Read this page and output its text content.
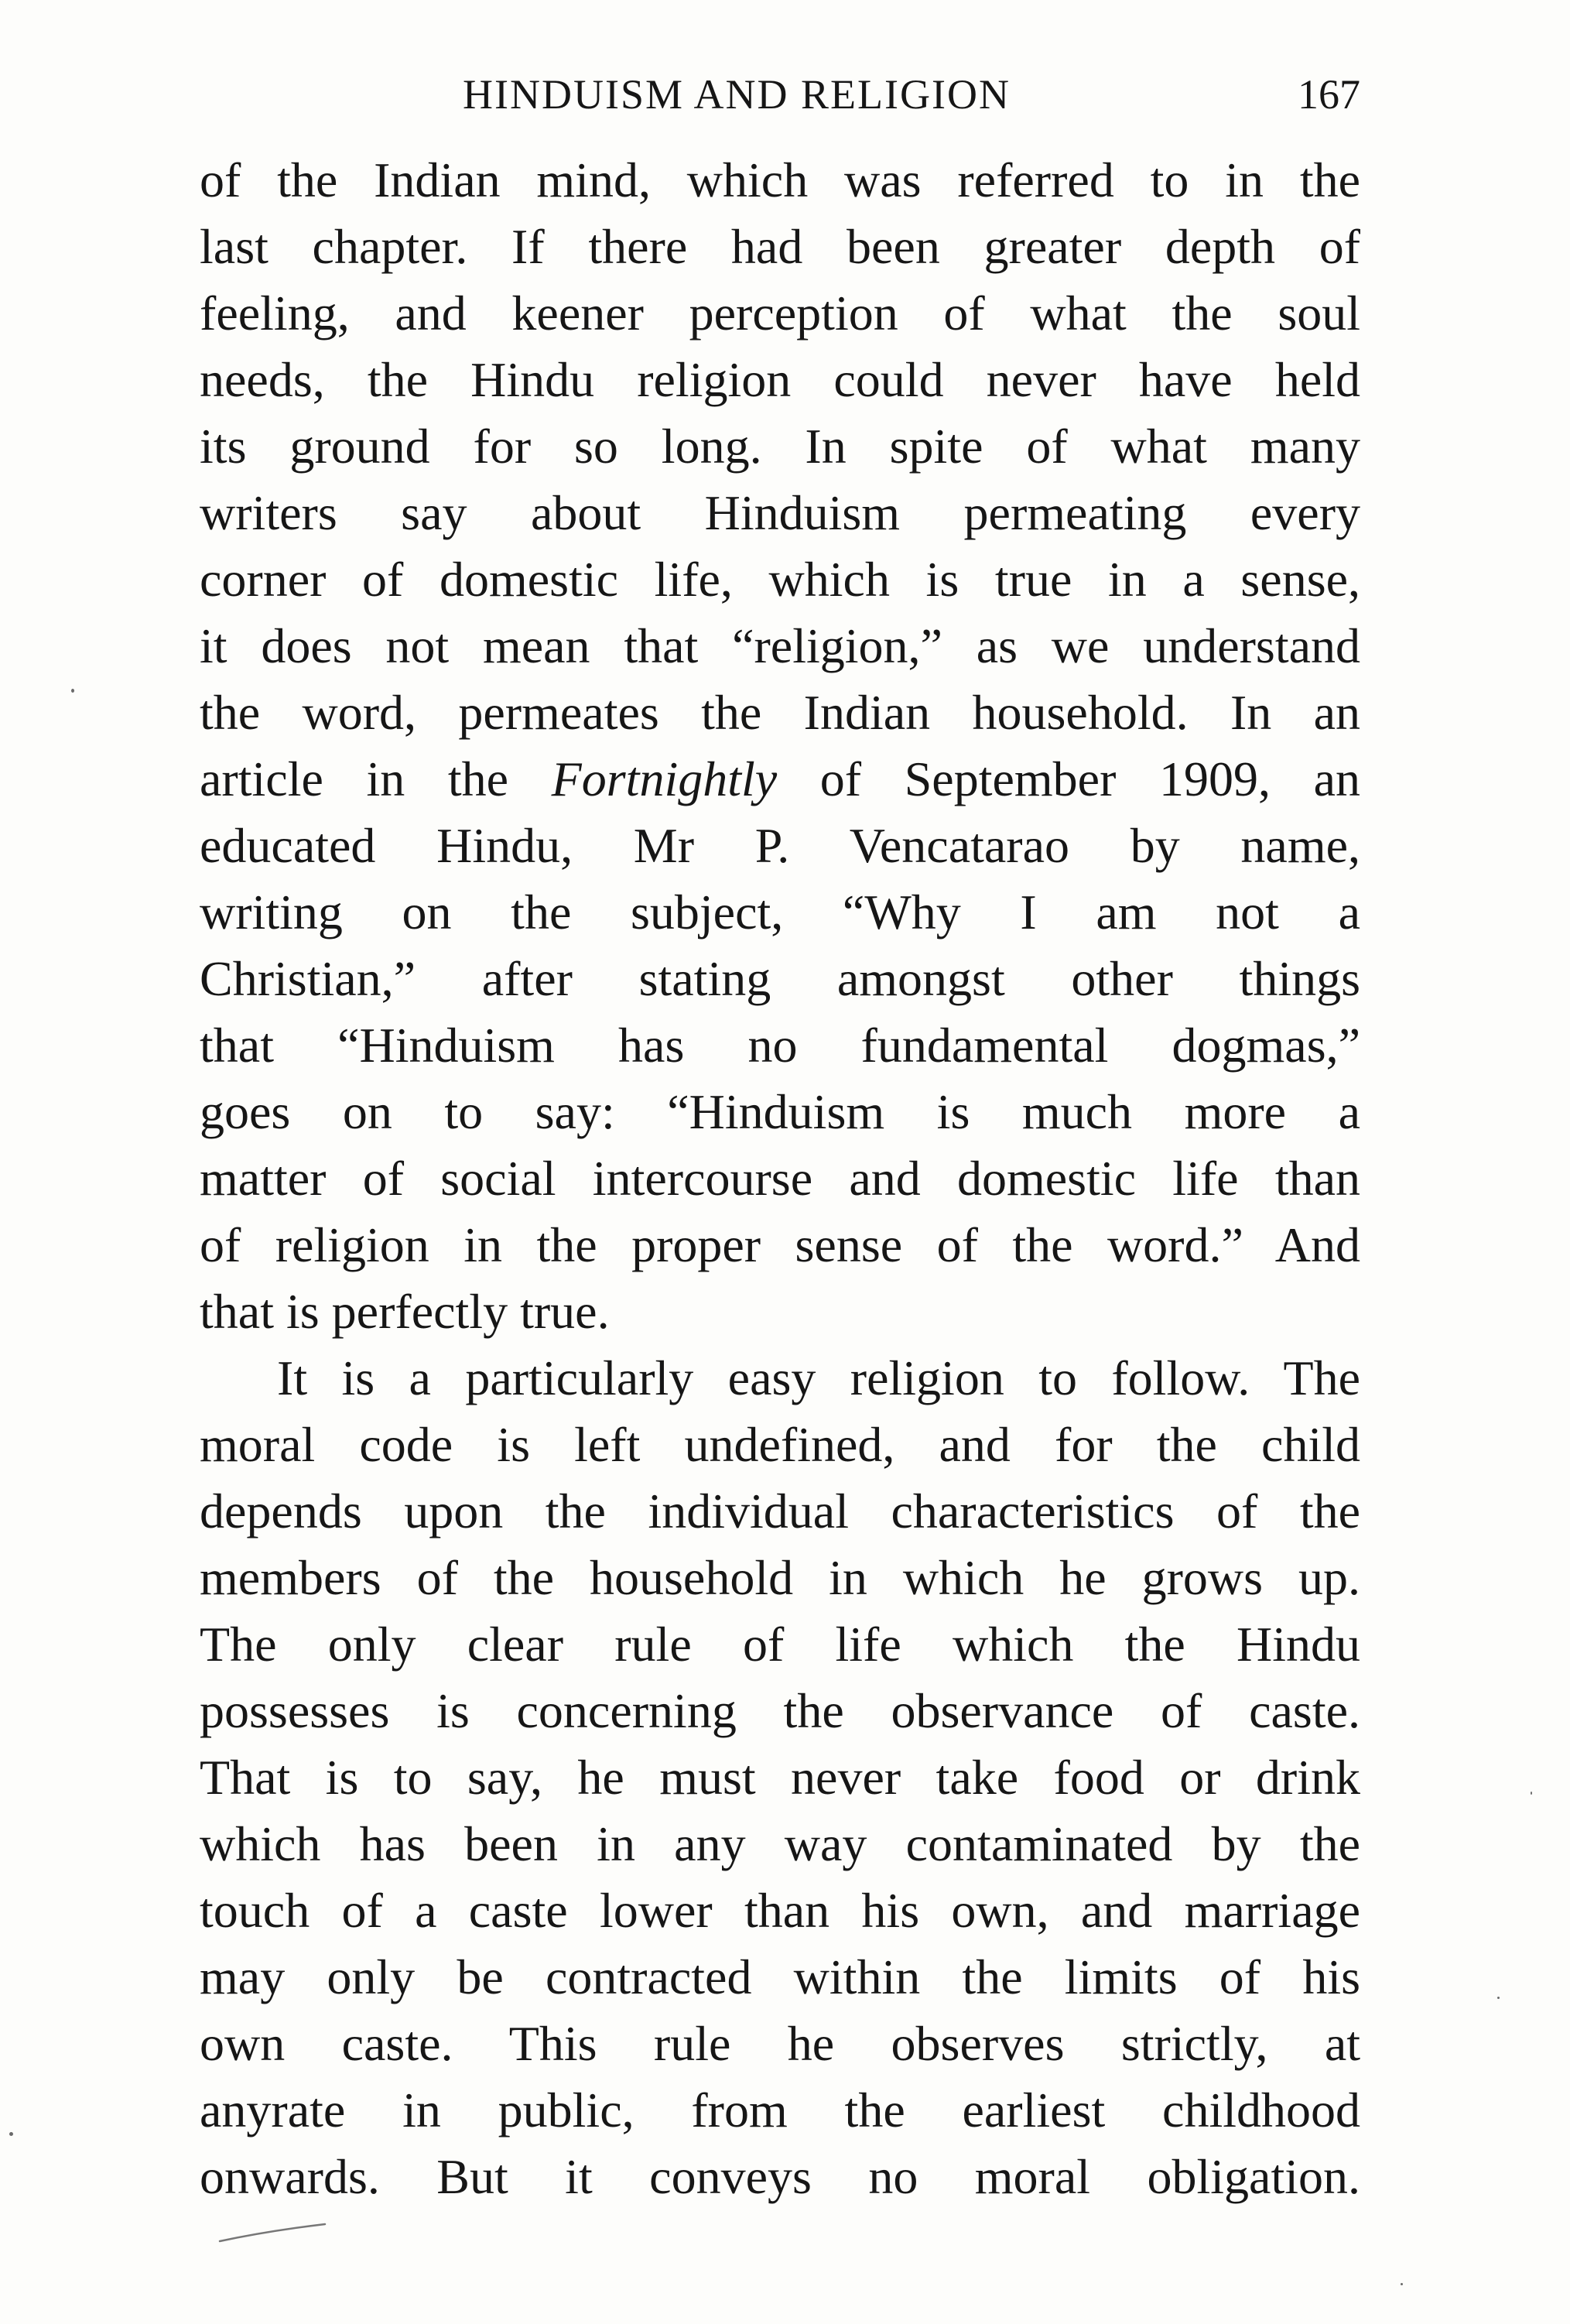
HINDUISM AND RELIGION	167
of the Indian mind, which was referred to in the
last chapter. If there had been greater depth of
feeling, and keener perception of what the soul
needs, the Hindu religion could never have held
its ground for so long. In spite of what many
writers say about Hinduism permeating every
corner of domestic life, which is true in a sense,
it does not mean that “religion,” as we understand
the word, permeates the Indian household. In an
article in the Fortnightly of September 1909, an
educated Hindu, Mr P. Vencatarao by name,
writing on the subject, “Why I am not a
Christian,” after stating amongst other things
that “Hinduism has no fundamental dogmas,”
goes on to say: “Hinduism is much more a
matter of social intercourse and domestic life than
of religion in the proper sense of the word.” And
that is perfectly true.
It is a particularly easy religion to follow. The
moral code is left undefined, and for the child
depends upon the individual characteristics of the
members of the household in which he grows up.
The only clear rule of life which the Hindu
possesses is concerning the observance of caste.
That is to say, he must never take food or drink
which has been in any way contaminated by the
touch of a caste lower than his own, and marriage
may only be contracted within the limits of his
own caste. This rule he observes strictly, at
anyrate in public, from the earliest childhood
onwards. But it conveys no moral obligation.
